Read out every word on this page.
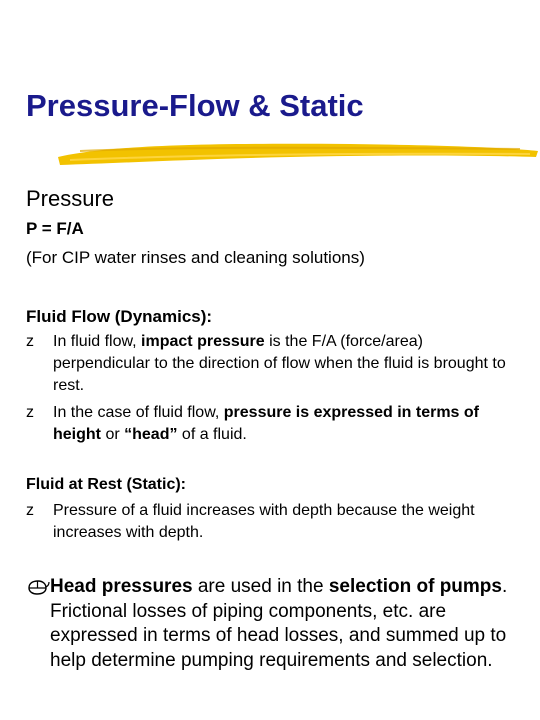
Pressure-Flow & Static
Pressure
P = F/A
(For CIP water rinses and cleaning solutions)
Fluid Flow (Dynamics):
z	In fluid flow, impact pressure is the F/A (force/area) perpendicular to the direction of flow when the fluid is brought to rest.
z	In the case of fluid flow, pressure is expressed in terms of height or “head” of a fluid.
Fluid at Rest (Static):
z	Pressure of a fluid increases with depth because the weight increases with depth.
Head pressures are used in the selection of pumps. Frictional losses of piping components, etc. are expressed in terms of head losses, and summed up to help determine pumping requirements and selection.
